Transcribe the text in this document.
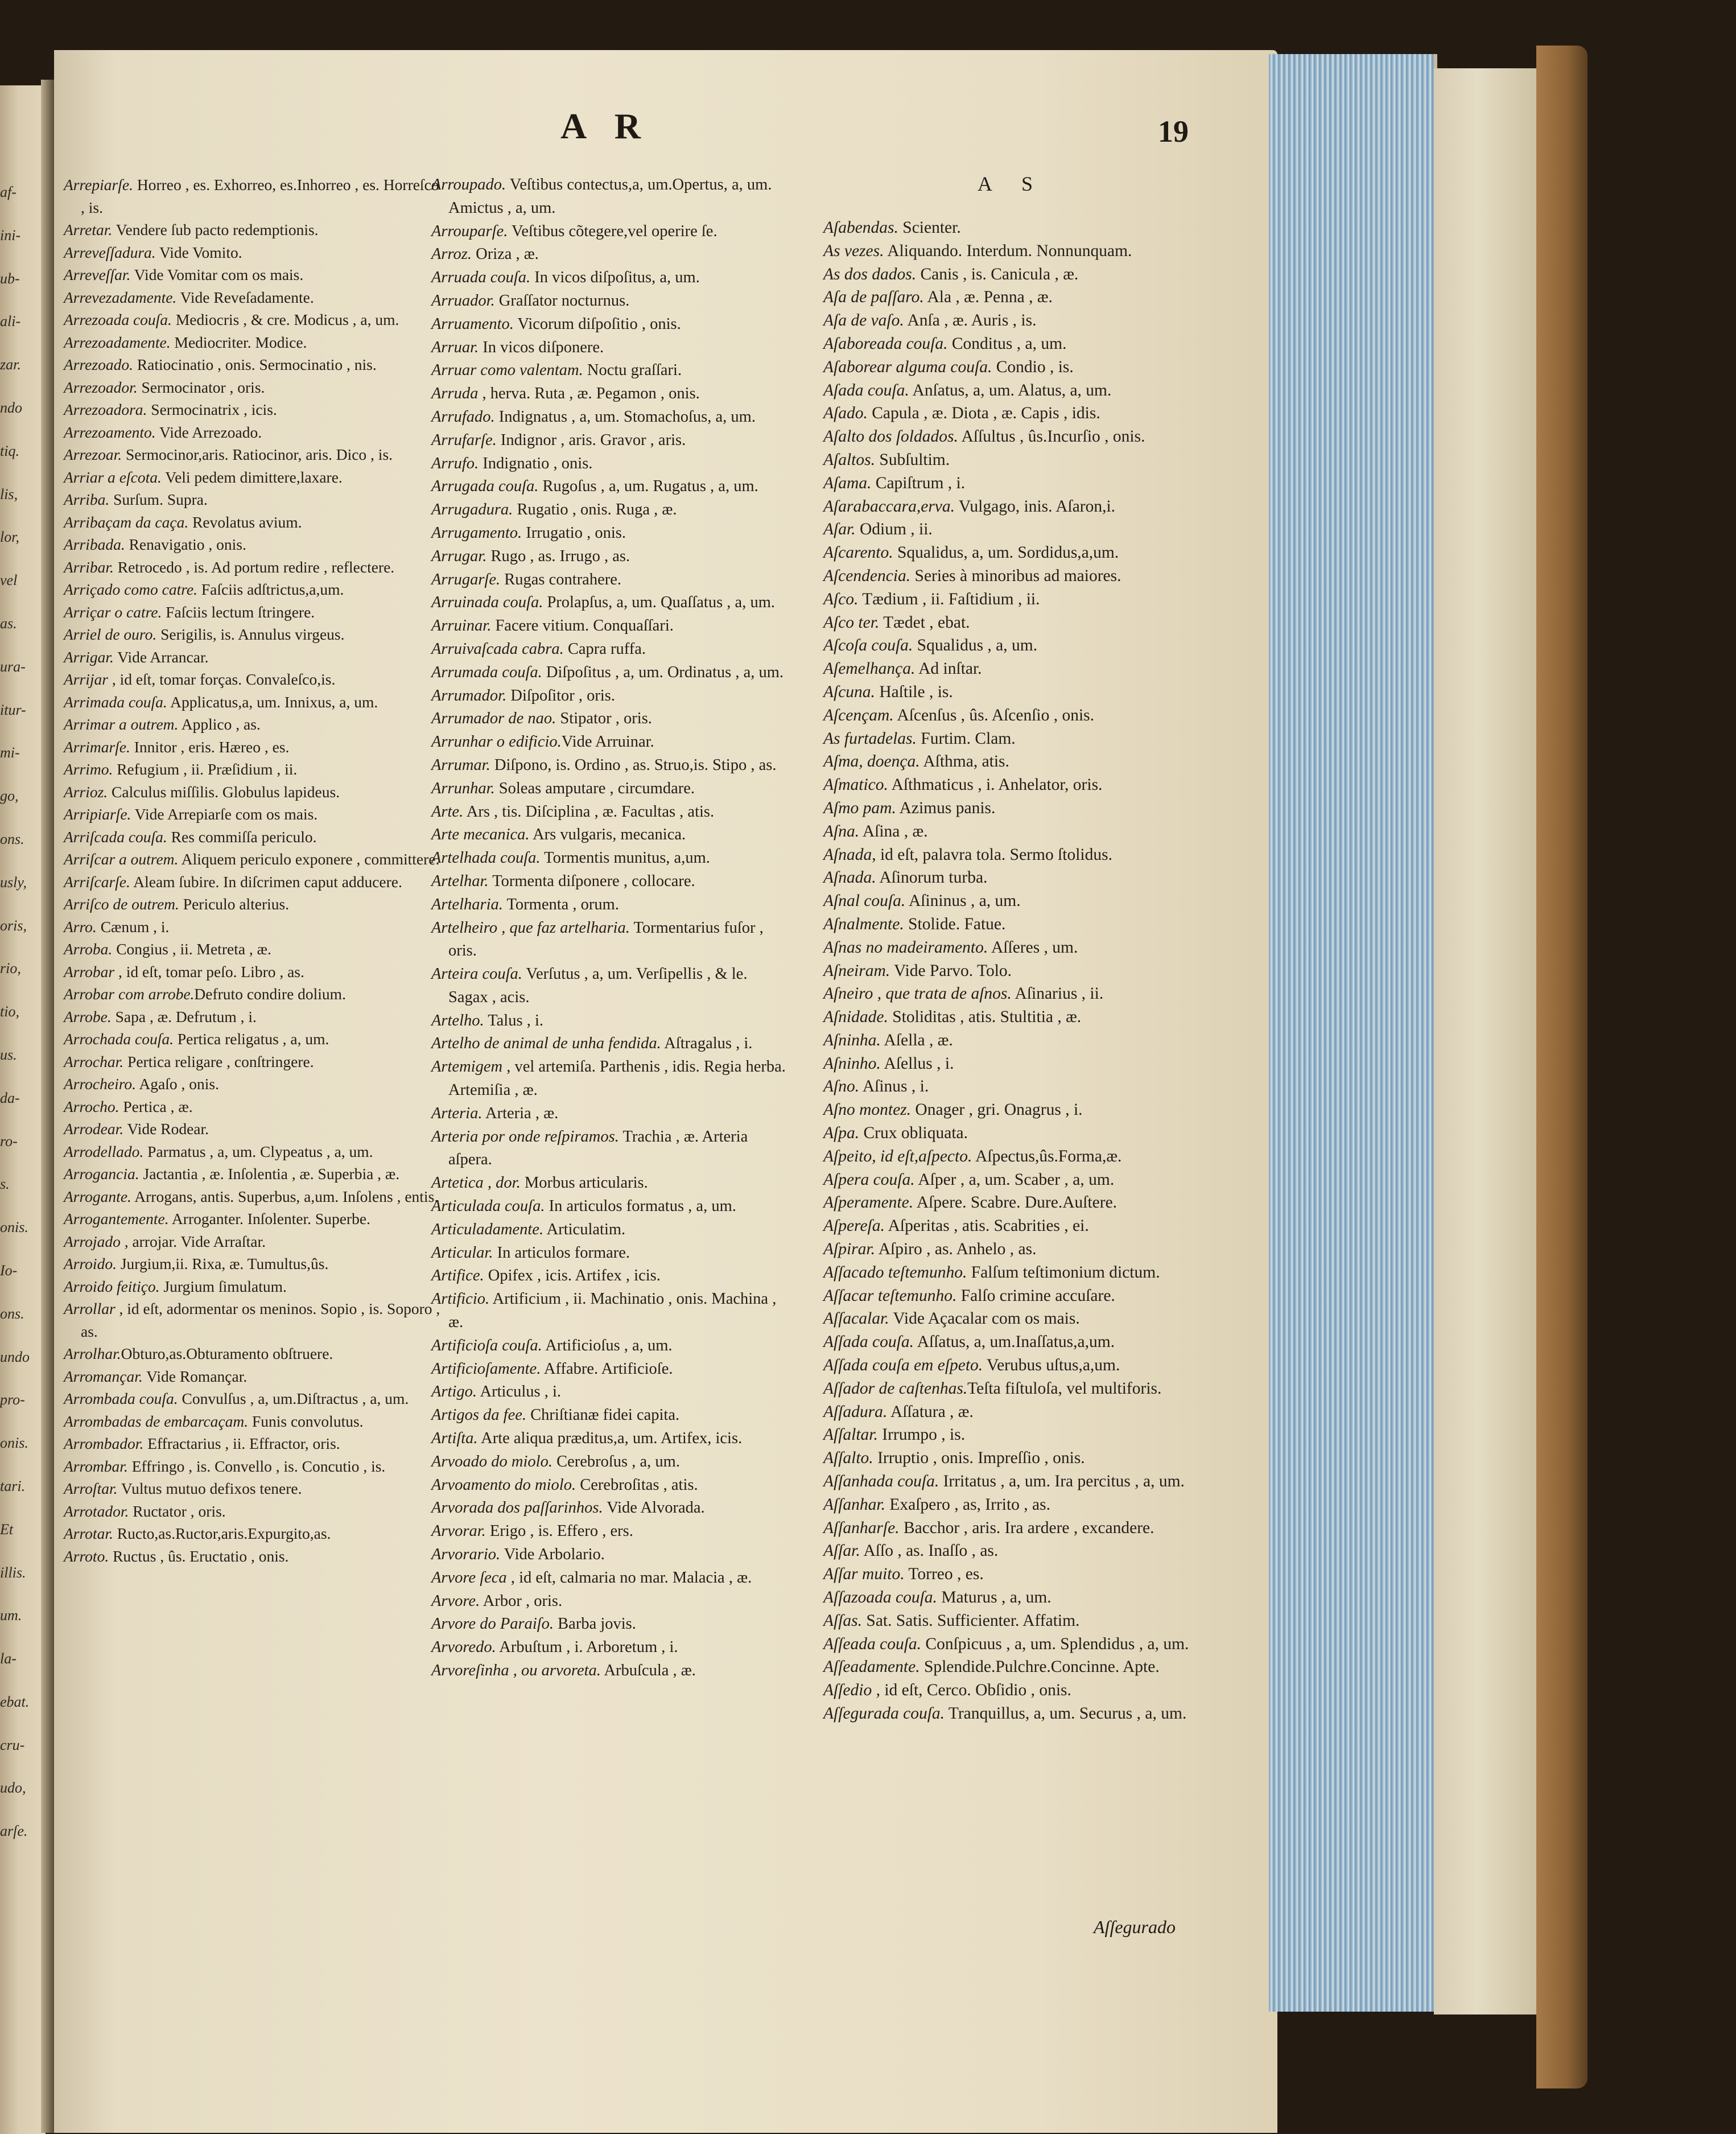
af-
ini-
ub-
ali-
zar.
ndo
tiq.
lis,
lor,
vel
as.
ura-
itur-
mi-
go,
ons.
usly,
oris,
rio,
tio,
us.
da-
ro-
s.
onis.
Io-
ons.
undo
pro-
onis.
tari.
Et
illis.
um.
la-
ebat.
cru-
udo,
arſe.
A R	19
A S
Arrepiarſe. Horreo , es. Exhorreo, es.Inhorreo , es. Horreſco , is.
Arretar. Vendere ſub pacto redemptionis.
Arreveſſadura. Vide Vomito.
Arreveſſar. Vide Vomitar com os mais.
Arrevezadamente. Vide Reveſadamente.
Arrezoada couſa. Mediocris , & cre. Modicus , a, um.
Arrezoadamente. Mediocriter. Modice.
Arrezoado. Ratiocinatio , onis. Sermocinatio , nis.
Arrezoador. Sermocinator , oris.
Arrezoadora. Sermocinatrix , icis.
Arrezoamento. Vide Arrezoado.
Arrezoar. Sermocinor,aris. Ratiocinor, aris. Dico , is.
Arriar a eſcota. Veli pedem dimittere,laxare.
Arriba. Surſum. Supra.
Arribaçam da caça. Revolatus avium.
Arribada. Renavigatio , onis.
Arribar. Retrocedo , is. Ad portum redire , reflectere.
Arriçado como catre. Faſciis adſtrictus,a,um.
Arriçar o catre. Faſciis lectum ſtringere.
Arriel de ouro. Serigilis, is. Annulus virgeus.
Arrigar. Vide Arrancar.
Arrijar , id eſt, tomar forças. Convaleſco,is.
Arrimada couſa. Applicatus,a, um. Innixus, a, um.
Arrimar a outrem. Applico , as.
Arrimarſe. Innitor , eris. Hæreo , es.
Arrimo. Refugium , ii. Præſidium , ii.
Arrioz. Calculus miſſilis. Globulus lapideus.
Arripiarſe. Vide Arrepiarſe com os mais.
Arriſcada couſa. Res commiſſa periculo.
Arriſcar a outrem. Aliquem periculo exponere , committere.
Arriſcarſe. Aleam ſubire. In diſcrimen caput adducere.
Arriſco de outrem. Periculo alterius.
Arro. Cænum , i.
Arroba. Congius , ii. Metreta , æ.
Arrobar , id eſt, tomar peſo. Libro , as.
Arrobar com arrobe.Defruto condire dolium.
Arrobe. Sapa , æ. Defrutum , i.
Arrochada couſa. Pertica religatus , a, um.
Arrochar. Pertica religare , conſtringere.
Arrocheiro. Agaſo , onis.
Arrocho. Pertica , æ.
Arrodear. Vide Rodear.
Arrodellado. Parmatus , a, um. Clypeatus , a, um.
Arrogancia. Jactantia , æ. Inſolentia , æ. Superbia , æ.
Arrogante. Arrogans, antis. Superbus, a,um. Inſolens , entis.
Arrogantemente. Arroganter. Inſolenter. Superbe.
Arrojado , arrojar. Vide Arraſtar.
Arroido. Jurgium,ii. Rixa, æ. Tumultus,ûs.
Arroido feitiço. Jurgium ſimulatum.
Arrollar , id eſt, adormentar os meninos. Sopio , is. Soporo , as.
Arrolhar.Obturo,as.Obturamento obſtruere.
Arromançar. Vide Romançar.
Arrombada couſa. Convulſus , a, um.Diſtractus , a, um.
Arrombadas de embarcaçam. Funis convolutus.
Arrombador. Effractarius , ii. Effractor, oris.
Arrombar. Effringo , is. Convello , is. Concutio , is.
Arroſtar. Vultus mutuo defixos tenere.
Arrotador. Ructator , oris.
Arrotar. Ructo,as.Ructor,aris.Expurgito,as.
Arroto. Ructus , ûs. Eructatio , onis.
Arroupado. Veſtibus contectus,a, um.Opertus, a, um. Amictus , a, um.
Arrouparſe. Veſtibus cõtegere,vel operire ſe.
Arroz. Oriza , æ.
Arruada couſa. In vicos diſpoſitus, a, um.
Arruador. Graſſator nocturnus.
Arruamento. Vicorum diſpoſitio , onis.
Arruar. In vicos diſponere.
Arruar como valentam. Noctu graſſari.
Arruda , herva. Ruta , æ. Pegamon , onis.
Arrufado. Indignatus , a, um. Stomachoſus, a, um.
Arrufarſe. Indignor , aris. Gravor , aris.
Arrufo. Indignatio , onis.
Arrugada couſa. Rugoſus , a, um. Rugatus , a, um.
Arrugadura. Rugatio , onis. Ruga , æ.
Arrugamento. Irrugatio , onis.
Arrugar. Rugo , as. Irrugo , as.
Arrugarſe. Rugas contrahere.
Arruinada couſa. Prolapſus, a, um. Quaſſatus , a, um.
Arruinar. Facere vitium. Conquaſſari.
Arruivaſcada cabra. Capra ruffa.
Arrumada couſa. Diſpoſitus , a, um. Ordinatus , a, um.
Arrumador. Diſpoſitor , oris.
Arrumador de nao. Stipator , oris.
Arrunhar o edificio.Vide Arruinar.
Arrumar. Diſpono, is. Ordino , as. Struo,is. Stipo , as.
Arrunhar. Soleas amputare , circumdare.
Arte. Ars , tis. Diſciplina , æ. Facultas , atis.
Arte mecanica. Ars vulgaris, mecanica.
Artelhada couſa. Tormentis munitus, a,um.
Artelhar. Tormenta diſponere , collocare.
Artelharia. Tormenta , orum.
Artelheiro , que faz artelharia. Tormentarius fuſor , oris.
Arteira couſa. Verſutus , a, um. Verſipellis , & le. Sagax , acis.
Artelho. Talus , i.
Artelho de animal de unha fendida. Aſtragalus , i.
Artemigem , vel artemiſa. Parthenis , idis. Regia herba. Artemiſia , æ.
Arteria. Arteria , æ.
Arteria por onde reſpiramos. Trachia , æ. Arteria aſpera.
Artetica , dor. Morbus articularis.
Articulada couſa. In articulos formatus , a, um.
Articuladamente. Articulatim.
Articular. In articulos formare.
Artifice. Opifex , icis. Artifex , icis.
Artificio. Artificium , ii. Machinatio , onis. Machina , æ.
Artificioſa couſa. Artificioſus , a, um.
Artificioſamente. Affabre. Artificioſe.
Artigo. Articulus , i.
Artigos da fee. Chriſtianæ fidei capita.
Artiſta. Arte aliqua præditus,a, um. Artifex, icis.
Arvoado do miolo. Cerebroſus , a, um.
Arvoamento do miolo. Cerebroſitas , atis.
Arvorada dos paſſarinhos. Vide Alvorada.
Arvorar. Erigo , is. Effero , ers.
Arvorario. Vide Arbolario.
Arvore ſeca , id eſt, calmaria no mar. Malacia , æ.
Arvore. Arbor , oris.
Arvore do Paraiſo. Barba jovis.
Arvoredo. Arbuſtum , i. Arboretum , i.
Arvoreſinha , ou arvoreta. Arbuſcula , æ.
Aſabendas. Scienter.
As vezes. Aliquando. Interdum. Nonnunquam.
As dos dados. Canis , is. Canicula , æ.
Aſa de paſſaro. Ala , æ. Penna , æ.
Aſa de vaſo. Anſa , æ. Auris , is.
Aſaboreada couſa. Conditus , a, um.
Aſaborear alguma couſa. Condio , is.
Aſada couſa. Anſatus, a, um. Alatus, a, um.
Aſado. Capula , æ. Diota , æ. Capis , idis.
Aſalto dos ſoldados. Aſſultus , ûs.Incurſio , onis.
Aſaltos. Subſultim.
Aſama. Capiſtrum , i.
Aſarabaccara,erva. Vulgago, inis. Aſaron,i.
Aſar. Odium , ii.
Aſcarento. Squalidus, a, um. Sordidus,a,um.
Aſcendencia. Series à minoribus ad maiores.
Aſco. Tædium , ii. Faſtidium , ii.
Aſco ter. Tædet , ebat.
Aſcoſa couſa. Squalidus , a, um.
Aſemelhança. Ad inſtar.
Aſcuna. Haſtile , is.
Aſcençam. Aſcenſus , ûs. Aſcenſio , onis.
As furtadelas. Furtim. Clam.
Aſma, doença. Aſthma, atis.
Aſmatico. Aſthmaticus , i. Anhelator, oris.
Aſmo pam. Azimus panis.
Aſna. Aſina , æ.
Aſnada, id eſt, palavra tola. Sermo ſtolidus.
Aſnada. Aſinorum turba.
Aſnal couſa. Aſininus , a, um.
Aſnalmente. Stolide. Fatue.
Aſnas no madeiramento. Aſſeres , um.
Aſneiram. Vide Parvo. Tolo.
Aſneiro , que trata de aſnos. Aſinarius , ii.
Aſnidade. Stoliditas , atis. Stultitia , æ.
Aſninha. Aſella , æ.
Aſninho. Aſellus , i.
Aſno. Aſinus , i.
Aſno montez. Onager , gri. Onagrus , i.
Aſpa. Crux obliquata.
Aſpeito, id eſt,aſpecto. Aſpectus,ûs.Forma,æ.
Aſpera couſa. Aſper , a, um. Scaber , a, um.
Aſperamente. Aſpere. Scabre. Dure.Auſtere.
Aſpereſa. Aſperitas , atis. Scabrities , ei.
Aſpirar. Aſpiro , as. Anhelo , as.
Aſſacado teſtemunho. Falſum teſtimonium dictum.
Aſſacar teſtemunho. Falſo crimine accuſare.
Aſſacalar. Vide Açacalar com os mais.
Aſſada couſa. Aſſatus, a, um.Inaſſatus,a,um.
Aſſada couſa em eſpeto. Verubus uſtus,a,um.
Aſſador de caſtenhas.Teſta fiſtuloſa, vel multiforis.
Aſſadura. Aſſatura , æ.
Aſſaltar. Irrumpo , is.
Aſſalto. Irruptio , onis. Impreſſio , onis.
Aſſanhada couſa. Irritatus , a, um. Ira percitus , a, um.
Aſſanhar. Exaſpero , as, Irrito , as.
Aſſanharſe. Bacchor , aris. Ira ardere , excandere.
Aſſar. Aſſo , as. Inaſſo , as.
Aſſar muito. Torreo , es.
Aſſazoada couſa. Maturus , a, um.
Aſſas. Sat. Satis. Sufficienter. Affatim.
Aſſeada couſa. Conſpicuus , a, um. Splendidus , a, um.
Aſſeadamente. Splendide.Pulchre.Concinne. Apte.
Aſſedio , id eſt, Cerco. Obſidio , onis.
Aſſegurada couſa. Tranquillus, a, um. Securus , a, um.
Aſſegurado
